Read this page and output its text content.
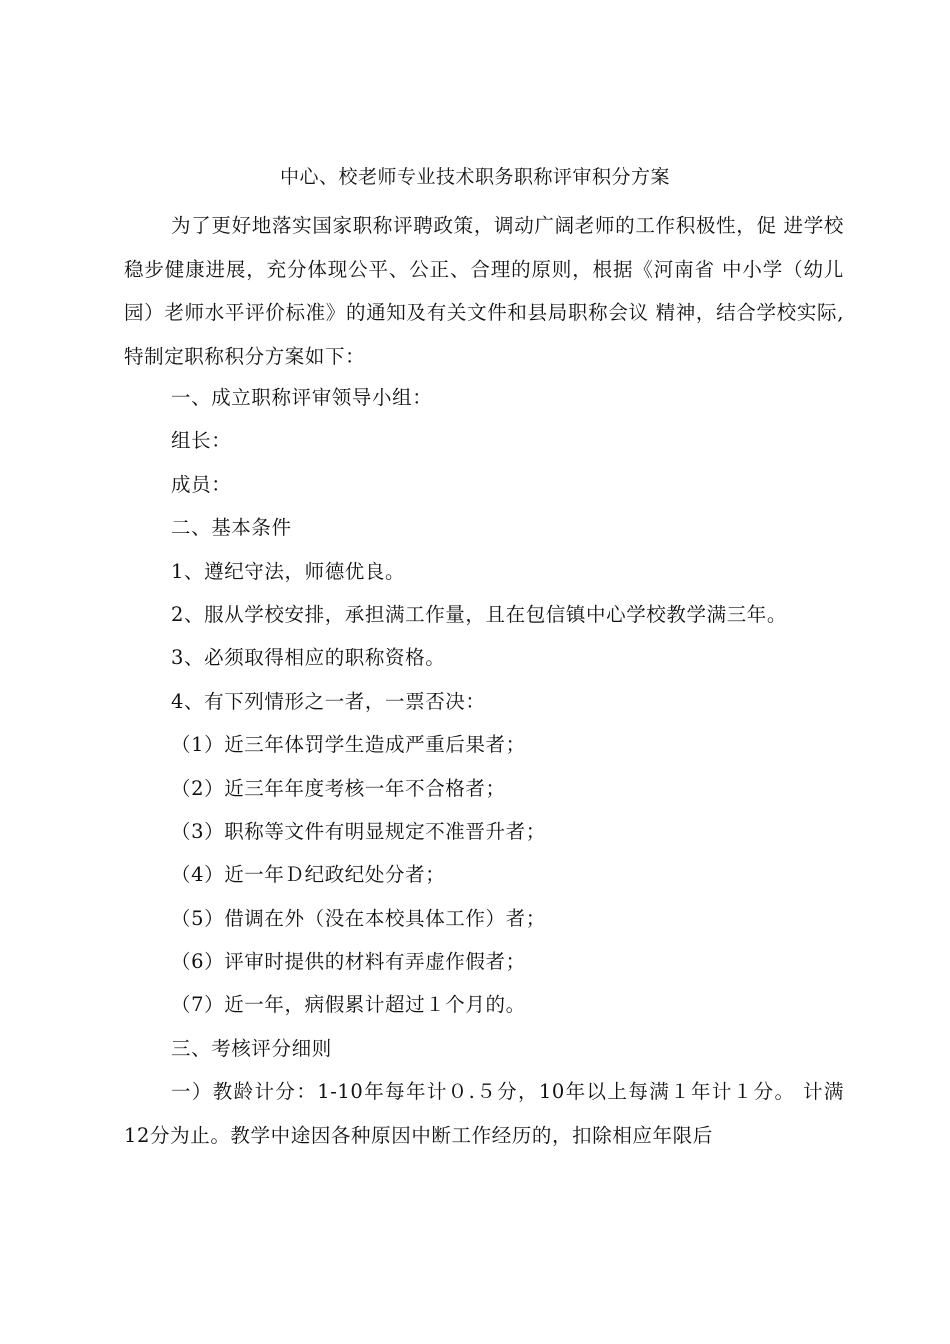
中心、校老师专业技术职务职称评审积分方案
为了更好地落实国家职称评聘政策，调动广阔老师的工作积极性，促 进学校稳步健康进展，充分体现公平、公正、合理的原则，根据《河南省 中小学（幼儿园）老师水平评价标准》的通知及有关文件和县局职称会议 精神，结合学校实际,特制定职称积分方案如下：
一、成立职称评审领导小组：
组长：
成员：
二、基本条件
1、遵纪守法，师德优良。
2、服从学校安排，承担满工作量，且在包信镇中心学校教学满三年。
3、必须取得相应的职称资格。
4、有下列情形之一者，一票否决：
（1）近三年体罚学生造成严重后果者；
（2）近三年年度考核一年不合格者；
（3）职称等文件有明显规定不准晋升者；
（4）近一年Ｄ纪政纪处分者；
（5）借调在外（没在本校具体工作）者；
（6）评审时提供的材料有弄虚作假者；
（7）近一年，病假累计超过１个月的。
三、考核评分细则
一）教龄计分：1-10年每年计０.５分，10年以上每满１年计１分。 计满12分为止。教学中途因各种原因中断工作经历的，扣除相应年限后
